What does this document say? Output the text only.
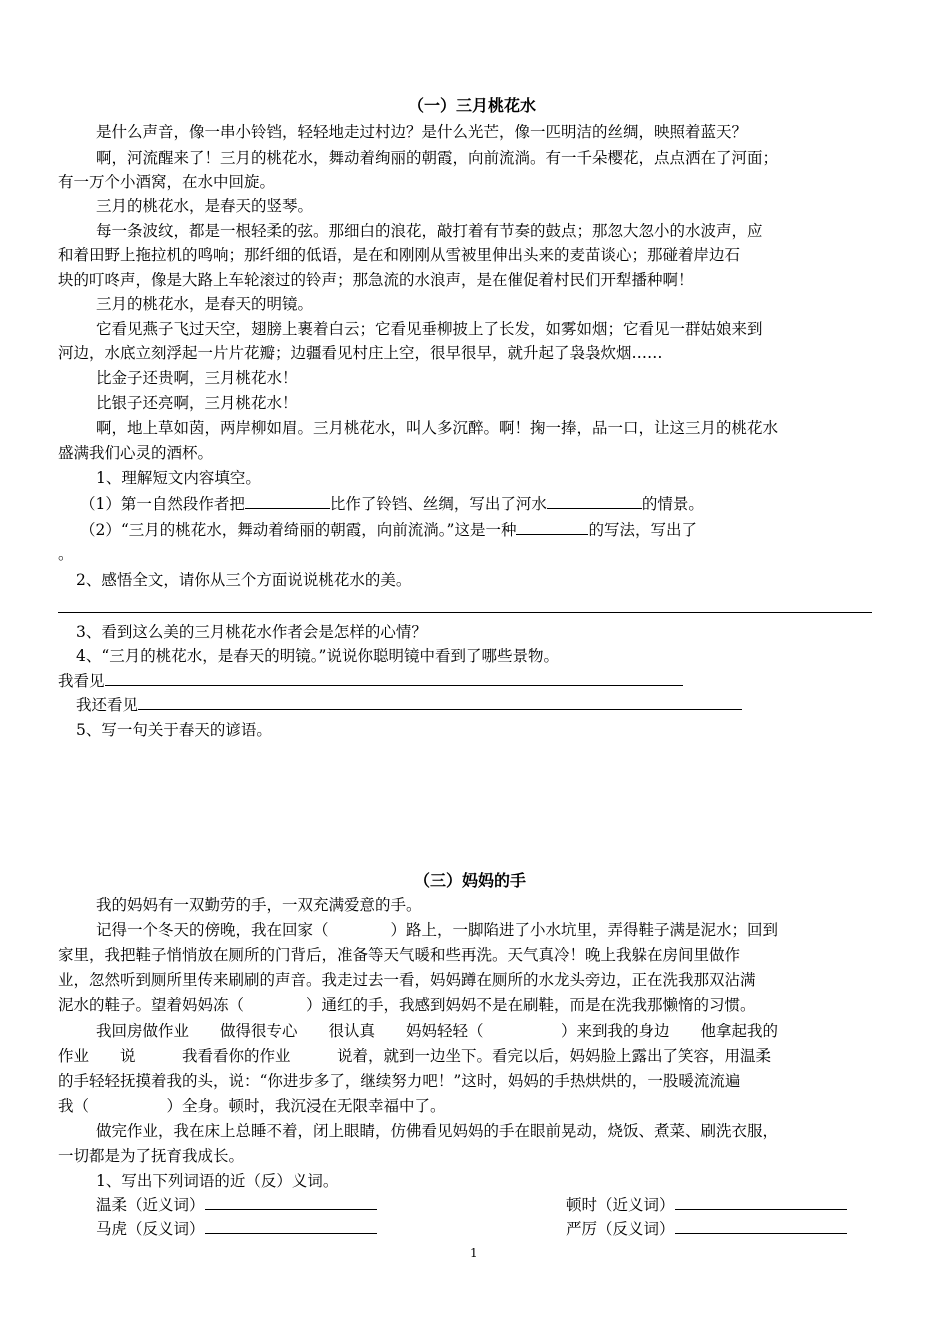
（一）三月桃花水
是什么声音，像一串小铃铛，轻轻地走过村边？是什么光芒，像一匹明洁的丝绸，映照着蓝天？
啊，河流醒来了！三月的桃花水，舞动着绚丽的朝霞，向前流淌。有一千朵樱花，点点洒在了河面；
有一万个小酒窝，在水中回旋。
三月的桃花水，是春天的竖琴。
每一条波纹，都是一根轻柔的弦。那细白的浪花，敲打着有节奏的鼓点；那忽大忽小的水波声，应
和着田野上拖拉机的鸣响；那纤细的低语，是在和刚刚从雪被里伸出头来的麦苗谈心；那碰着岸边石
块的叮咚声，像是大路上车轮滚过的铃声；那急流的水浪声，是在催促着村民们开犁播种啊！
三月的桃花水，是春天的明镜。
它看见燕子飞过天空，翅膀上裹着白云；它看见垂柳披上了长发，如雾如烟；它看见一群姑娘来到
河边，水底立刻浮起一片片花瓣；边疆看见村庄上空，很早很早，就升起了袅袅炊烟……
比金子还贵啊，三月桃花水！
比银子还亮啊，三月桃花水！
啊，地上草如茵，两岸柳如眉。三月桃花水，叫人多沉醉。啊！掬一捧，品一口，让这三月的桃花水
盛满我们心灵的酒杯。
1、理解短文内容填空。
（1）第一自然段作者把	比作了铃铛、丝绸，写出了河水	的情景。
（2）“三月的桃花水，舞动着绮丽的朝霞，向前流淌。”这是一种	的写法，写出了
。
2、感悟全文，请你从三个方面说说桃花水的美。
3、看到这么美的三月桃花水作者会是怎样的心情？
4、“三月的桃花水，是春天的明镜。”说说你聪明镜中看到了哪些景物。
我看见
我还看见
5、写一句关于春天的谚语。
（三）妈妈的手
我的妈妈有一双勤劳的手，一双充满爱意的手。
记得一个冬天的傍晚，我在回家（　　　　）路上，一脚陷进了小水坑里，弄得鞋子满是泥水；回到
家里，我把鞋子悄悄放在厕所的门背后，准备等天气暖和些再洗。天气真冷！晚上我躲在房间里做作
业，忽然听到厕所里传来刷刷的声音。我走过去一看，妈妈蹲在厕所的水龙头旁边，正在洗我那双沾满
泥水的鞋子。望着妈妈冻（　　　　）通红的手，我感到妈妈不是在刷鞋，而是在洗我那懒惰的习惯。
我回房做作业　　做得很专心　　很认真　　妈妈轻轻（　　　　　）来到我的身边　　他拿起我的
作业　　说　　　我看看你的作业　　　说着，就到一边坐下。看完以后，妈妈脸上露出了笑容，用温柔
的手轻轻抚摸着我的头，说：“你进步多了，继续努力吧！”这时，妈妈的手热烘烘的，一股暖流流遍
我（　　　　　）全身。顿时，我沉浸在无限幸福中了。
做完作业，我在床上总睡不着，闭上眼睛，仿佛看见妈妈的手在眼前晃动，烧饭、煮菜、刷洗衣服，
一切都是为了抚育我成长。
1、写出下列词语的近（反）义词。
温柔（近义词）	顿时（近义词）
马虎（反义词）	严厉（反义词）
1
